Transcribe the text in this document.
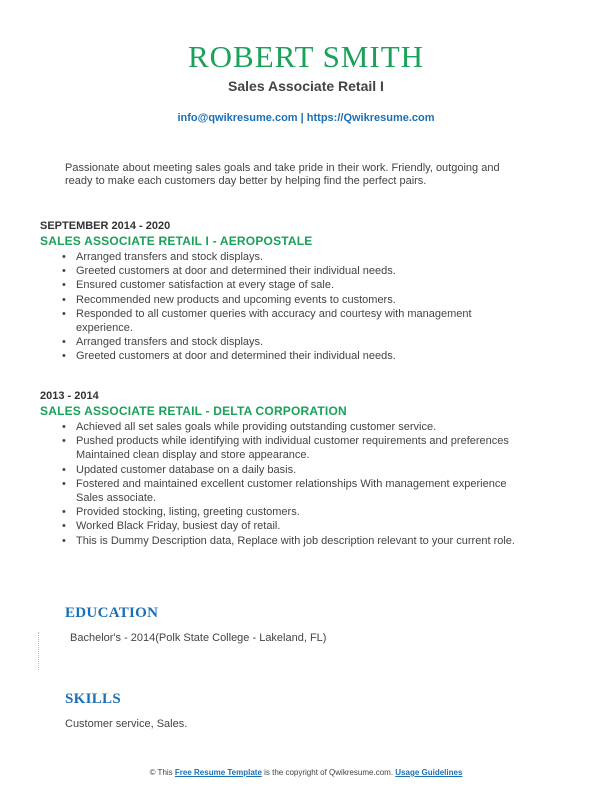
ROBERT SMITH
Sales Associate Retail I
info@qwikresume.com | https://Qwikresume.com
Passionate about meeting sales goals and take pride in their work. Friendly, outgoing and ready to make each customers day better by helping find the perfect pairs.
SEPTEMBER 2014 - 2020
SALES ASSOCIATE RETAIL I - AEROPOSTALE
• Arranged transfers and stock displays.
• Greeted customers at door and determined their individual needs.
• Ensured customer satisfaction at every stage of sale.
• Recommended new products and upcoming events to customers.
• Responded to all customer queries with accuracy and courtesy with management experience.
• Arranged transfers and stock displays.
• Greeted customers at door and determined their individual needs.
2013 - 2014
SALES ASSOCIATE RETAIL - DELTA CORPORATION
• Achieved all set sales goals while providing outstanding customer service.
• Pushed products while identifying with individual customer requirements and preferences Maintained clean display and store appearance.
• Updated customer database on a daily basis.
• Fostered and maintained excellent customer relationships With management experience Sales associate.
• Provided stocking, listing, greeting customers.
• Worked Black Friday, busiest day of retail.
• This is Dummy Description data, Replace with job description relevant to your current role.
EDUCATION
Bachelor's - 2014(Polk State College - Lakeland, FL)
SKILLS
Customer service, Sales.
© This Free Resume Template is the copyright of Qwikresume.com. Usage Guidelines
